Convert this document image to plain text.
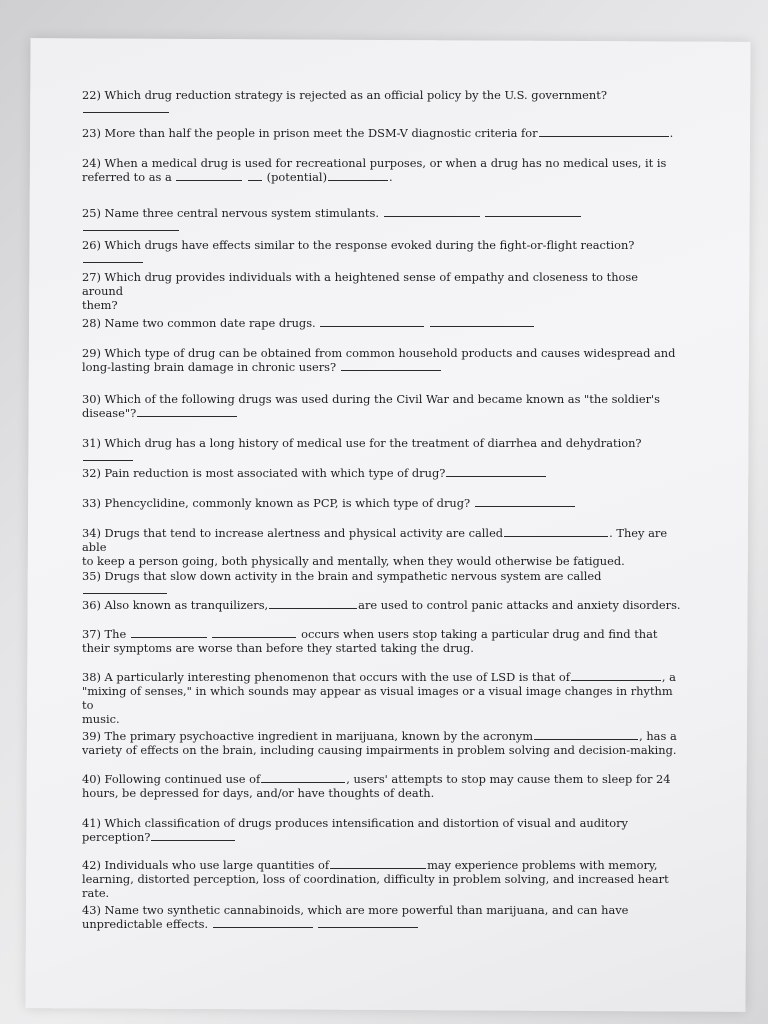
22) Which drug reduction strategy is rejected as an official policy by the U.S. government?
23) More than half the people in prison meet the DSM-V diagnostic criteria for	.
24) When a medical drug is used for recreational purposes, or when a drug has no medical uses, it is
referred to as a	(potential)	.
25) Name three central nervous system stimulants.
26) Which drugs have effects similar to the response evoked during the fight-or-flight reaction?
27) Which drug provides individuals with a heightened sense of empathy and closeness to those around
them?
28) Name two common date rape drugs.
29) Which type of drug can be obtained from common household products and causes widespread and
long-lasting brain damage in chronic users?
30) Which of the following drugs was used during the Civil War and became known as "the soldier's
disease"?
31) Which drug has a long history of medical use for the treatment of diarrhea and dehydration?
32) Pain reduction is most associated with which type of drug?
33) Phencyclidine, commonly known as PCP, is which type of drug?
34) Drugs that tend to increase alertness and physical activity are called	. They are able
to keep a person going, both physically and mentally, when they would otherwise be fatigued.
35) Drugs that slow down activity in the brain and sympathetic nervous system are called
36) Also known as tranquilizers,	are used to control panic attacks and anxiety disorders.
37) The	occurs when users stop taking a particular drug and find that
their symptoms are worse than before they started taking the drug.
38) A particularly interesting phenomenon that occurs with the use of LSD is that of	, a
"mixing of senses," in which sounds may appear as visual images or a visual image changes in rhythm to
music.
39) The primary psychoactive ingredient in marijuana, known by the acronym	, has a
variety of effects on the brain, including causing impairments in problem solving and decision-making.
40) Following continued use of	, users' attempts to stop may cause them to sleep for 24
hours, be depressed for days, and/or have thoughts of death.
41) Which classification of drugs produces intensification and distortion of visual and auditory
perception?
42) Individuals who use large quantities of	may experience problems with memory,
learning, distorted perception, loss of coordination, difficulty in problem solving, and increased heart rate.
43) Name two synthetic cannabinoids, which are more powerful than marijuana, and can have
unpredictable effects.
